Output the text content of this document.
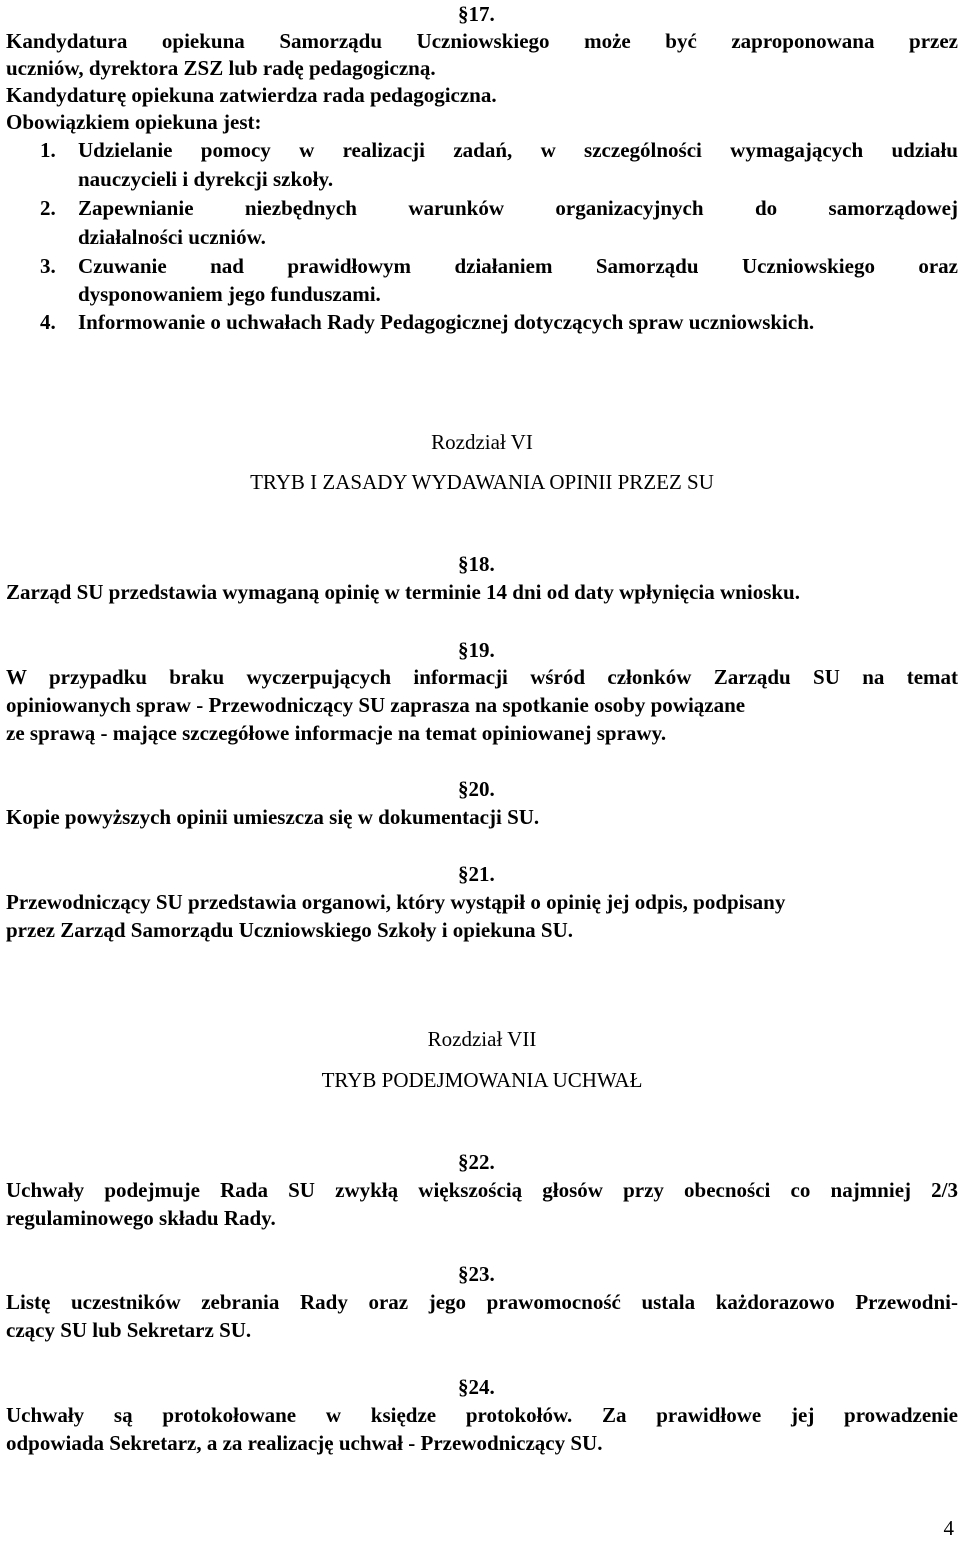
§17.
Kandydatura opiekuna Samorządu Uczniowskiego może być zaproponowana przez
uczniów, dyrektora ZSZ lub radę pedagogiczną.
Kandydaturę opiekuna zatwierdza rada pedagogiczna.
Obowiązkiem opiekuna jest:
1. Udzielanie pomocy w realizacji zadań, w szczególności wymagających udziału
nauczycieli i dyrekcji szkoły.
2. Zapewnianie niezbędnych warunków organizacyjnych do samorządowej
działalności uczniów.
3. Czuwanie nad prawidłowym działaniem Samorządu Uczniowskiego oraz
dysponowaniem jego funduszami.
4. Informowanie o uchwałach Rady Pedagogicznej dotyczących spraw uczniowskich.
Rozdział VI
TRYB I ZASADY WYDAWANIA OPINII PRZEZ SU
§18.
Zarząd SU przedstawia wymaganą opinię w terminie 14 dni od daty wpłynięcia wniosku.
§19.
W przypadku braku wyczerpujących informacji wśród członków Zarządu SU na temat
opiniowanych spraw - Przewodniczący SU zaprasza na spotkanie osoby powiązane
ze sprawą - mające szczegółowe informacje na temat opiniowanej sprawy.
§20.
Kopie powyższych opinii umieszcza się w dokumentacji SU.
§21.
Przewodniczący SU przedstawia organowi, który wystąpił o opinię jej odpis, podpisany
przez Zarząd Samorządu Uczniowskiego Szkoły i opiekuna SU.
Rozdział VII
TRYB PODEJMOWANIA UCHWAŁ
§22.
Uchwały podejmuje Rada SU zwykłą większością głosów przy obecności co najmniej 2/3
regulaminowego składu Rady.
§23.
Listę uczestników zebrania Rady oraz jego prawomocność ustala każdorazowo Przewodni-
czący SU lub Sekretarz SU.
§24.
Uchwały są protokołowane w księdze protokołów. Za prawidłowe jej prowadzenie
odpowiada Sekretarz, a za realizację uchwał - Przewodniczący SU.
4
